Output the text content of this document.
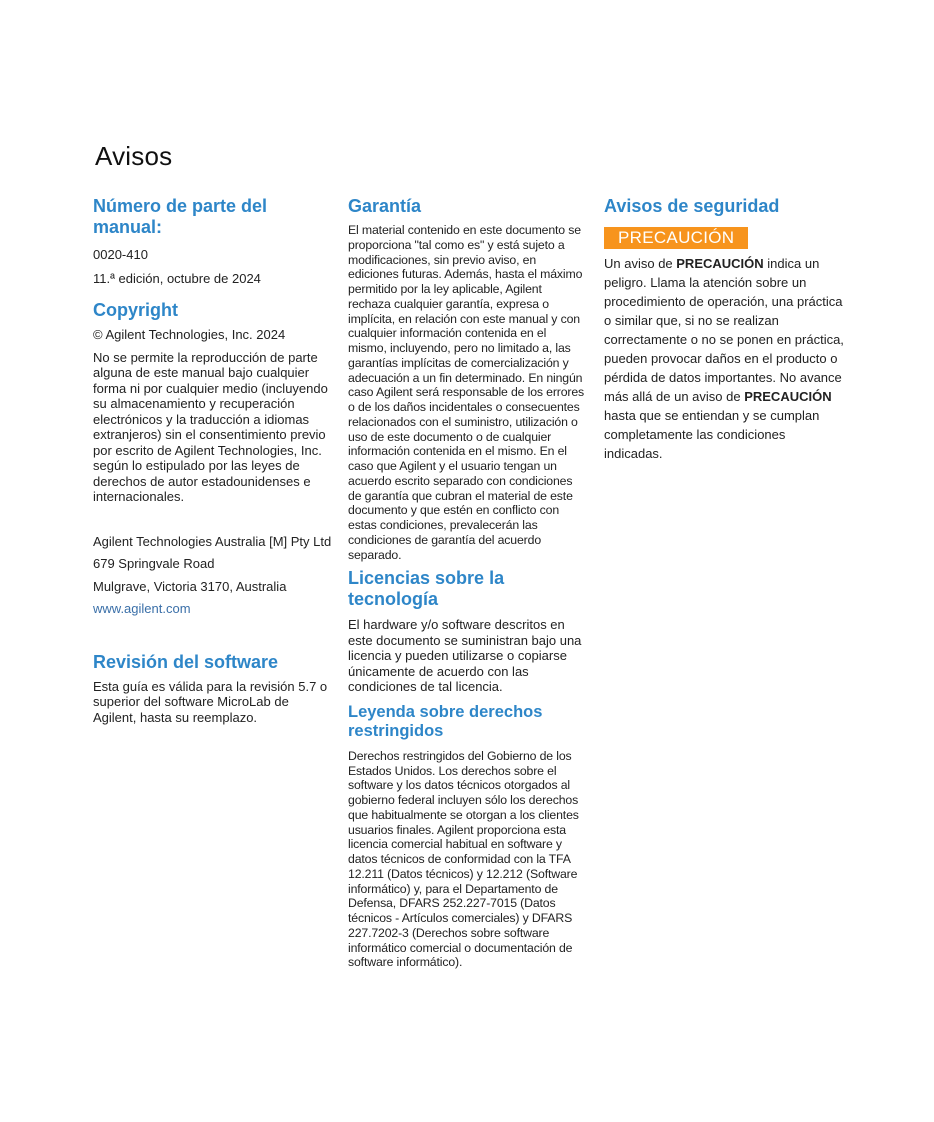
Avisos
Número de parte del manual:

0020-410

11.ª edición, octubre de 2024

Copyright

© Agilent Technologies, Inc. 2024

No se permite la reproducción de parte alguna de este manual bajo cualquier forma ni por cualquier medio (incluyendo su almacenamiento y recuperación electrónicos y la traducción a idiomas extranjeros) sin el consentimiento previo por escrito de Agilent Technologies, Inc. según lo estipulado por las leyes de derechos de autor estadounidenses e internacionales.

Agilent Technologies Australia [M] Pty Ltd

679 Springvale Road

Mulgrave, Victoria 3170, Australia

www.agilent.com

Revisión del software

Esta guía es válida para la revisión 5.7 o superior del software MicroLab de Agilent, hasta su reemplazo.

Garantía

El material contenido en este documento se proporciona "tal como es" y está sujeto a modificaciones, sin previo aviso, en ediciones futuras. Además, hasta el máximo permitido por la ley aplicable, Agilent rechaza cualquier garantía, expresa o implícita, en relación con este manual y con cualquier información contenida en el mismo, incluyendo, pero no limitado a, las garantías implícitas de comercialización y adecuación a un fin determinado. En ningún caso Agilent será responsable de los errores o de los daños incidentales o consecuentes relacionados con el suministro, utilización o uso de este documento o de cualquier información contenida en el mismo. En el caso que Agilent y el usuario tengan un acuerdo escrito separado con condiciones de garantía que cubran el material de este documento y que estén en conflicto con estas condiciones, prevalecerán las condiciones de garantía del acuerdo separado.

Licencias sobre la tecnología

El hardware y/o software descritos en este documento se suministran bajo una licencia y pueden utilizarse o copiarse únicamente de acuerdo con las condiciones de tal licencia.

Leyenda sobre derechos restringidos

Derechos restringidos del Gobierno de los Estados Unidos. Los derechos sobre el software y los datos técnicos otorgados al gobierno federal incluyen sólo los derechos que habitualmente se otorgan a los clientes usuarios finales. Agilent proporciona esta licencia comercial habitual en software y datos técnicos de conformidad con la TFA 12.211 (Datos técnicos) y 12.212 (Software informático) y, para el Departamento de Defensa, DFARS 252.227-7015 (Datos técnicos - Artículos comerciales) y DFARS 227.7202-3 (Derechos sobre software informático comercial o documentación de software informático).

Avisos de seguridad
PRECAUCIÓN

Un aviso de PRECAUCIÓN indica un peligro. Llama la atención sobre un procedimiento de operación, una práctica o similar que, si no se realizan correctamente o no se ponen en práctica, pueden provocar daños en el producto o pérdida de datos importantes. No avance más allá de un aviso de PRECAUCIÓN hasta que se entiendan y se cumplan completamente las condiciones indicadas.
